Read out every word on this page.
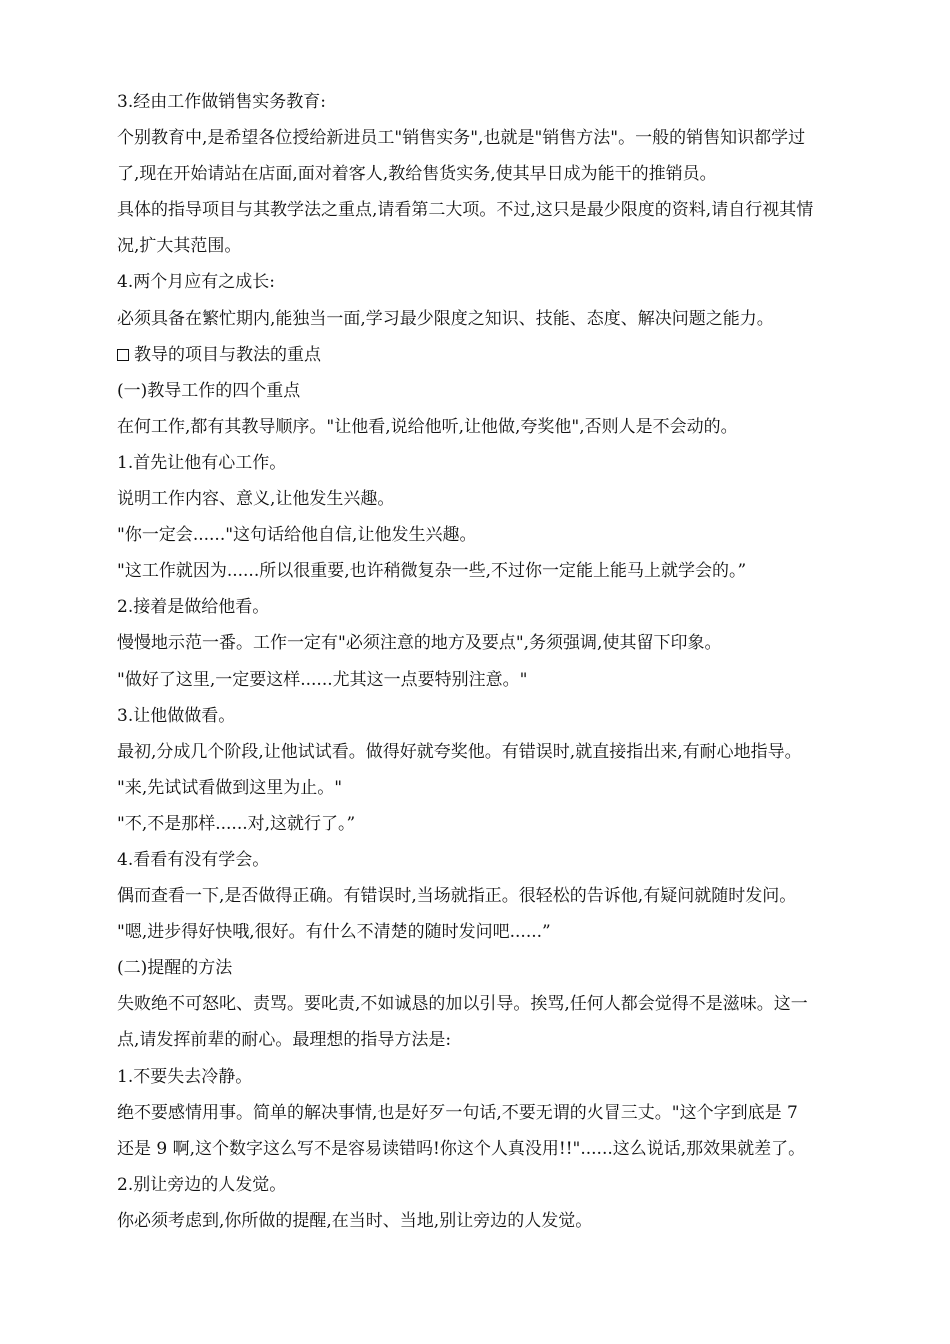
3.经由工作做销售实务教育:
个别教育中,是希望各位授给新进员工"销售实务",也就是"销售方法"。一般的销售知识都学过
了,现在开始请站在店面,面对着客人,教给售货实务,使其早日成为能干的推销员。
具体的指导项目与其教学法之重点,请看第二大项。不过,这只是最少限度的资料,请自行视其情
况,扩大其范围。
4.两个月应有之成长:
必须具备在繁忙期内,能独当一面,学习最少限度之知识、技能、态度、解决问题之能力。
教导的项目与教法的重点
(一)教导工作的四个重点
在何工作,都有其教导顺序。"让他看,说给他听,让他做,夸奖他",否则人是不会动的。
1.首先让他有心工作。
说明工作内容、意义,让他发生兴趣。
"你一定会......"这句话给他自信,让他发生兴趣。
"这工作就因为......所以很重要,也许稍微复杂一些,不过你一定能上能马上就学会的。”
2.接着是做给他看。
慢慢地示范一番。工作一定有"必须注意的地方及要点",务须强调,使其留下印象。
"做好了这里,一定要这样......尤其这一点要特别注意。"
3.让他做做看。
最初,分成几个阶段,让他试试看。做得好就夸奖他。有错误时,就直接指出来,有耐心地指导。
"来,先试试看做到这里为止。"
"不,不是那样......对,这就行了。”
4.看看有没有学会。
偶而查看一下,是否做得正确。有错误时,当场就指正。很轻松的告诉他,有疑问就随时发问。
"嗯,进步得好快哦,很好。有什么不清楚的随时发问吧......”
(二)提醒的方法
失败绝不可怒叱、责骂。要叱责,不如诚恳的加以引导。挨骂,任何人都会觉得不是滋味。这一
点,请发挥前辈的耐心。最理想的指导方法是:
1.不要失去冷静。
绝不要感情用事。简单的解决事情,也是好歹一句话,不要无谓的火冒三丈。"这个字到底是 7
还是 9 啊,这个数字这么写不是容易读错吗!你这个人真没用!!"......这么说话,那效果就差了。
2.别让旁边的人发觉。
你必须考虑到,你所做的提醒,在当时、当地,别让旁边的人发觉。
